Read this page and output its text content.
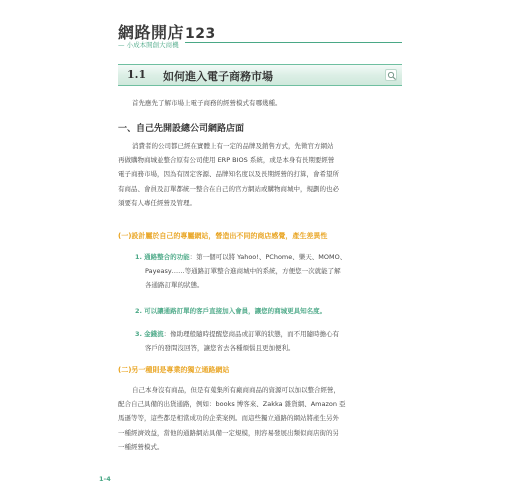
網路開店123
— 小成本開創大商機
1.1 如何進入電子商務市場
首先應先了解市場上電子商務的經營模式有哪幾種。
一、自己先開設總公司網路店面
消費者的公司都已經在實體上有一定的品牌及銷售方式，先徵官方網站
再做購物商城並整合原有公司使用 ERP BIOS 系統，或是本身有長期要經營
電子商務市場，因為有固定客源、品牌知名度以及長期經營的打算，會希望所
有商品、會員及訂單都統一整合在自己的官方網站或購物商城中，規劃的也必
須要有人專任經營及管理。
(一)設計屬於自己的專屬網站，營造出不同的商店感覺，產生差異性
1. 通路整合的功能：第一個可以將 Yahoo!、PChome、樂天、MOMO、
Payeasy……等通路訂單整合進商城中的系統，方便您一次就能了解
各通路訂單的狀態。
2. 可以讓通路訂單的客戶直接加入會員，讓您的商城更具知名度。
3. 金錢流：像助理般隨時提醒您商品或訂單的狀態，而不用隨時擔心有
客戶的發問沒回答，讓您省去各種煩惱且更加便利。
(二)另一種則是專業的獨立通路網站
自己本身沒有商品，但是有蒐集所有廠商商品的資源可以加以整合經營，
配合自己具備的出貨通路，例如：books 博客來、Zakka 雜貨網、Amazon 亞
馬遜等等，這些都是相當成功的企業案例。而這些獨立通路的網站將產生另外
一種經濟效益，當他的通路網站具備一定規模，則容易發展出類似商店街的另
一種經營模式。
1-4
